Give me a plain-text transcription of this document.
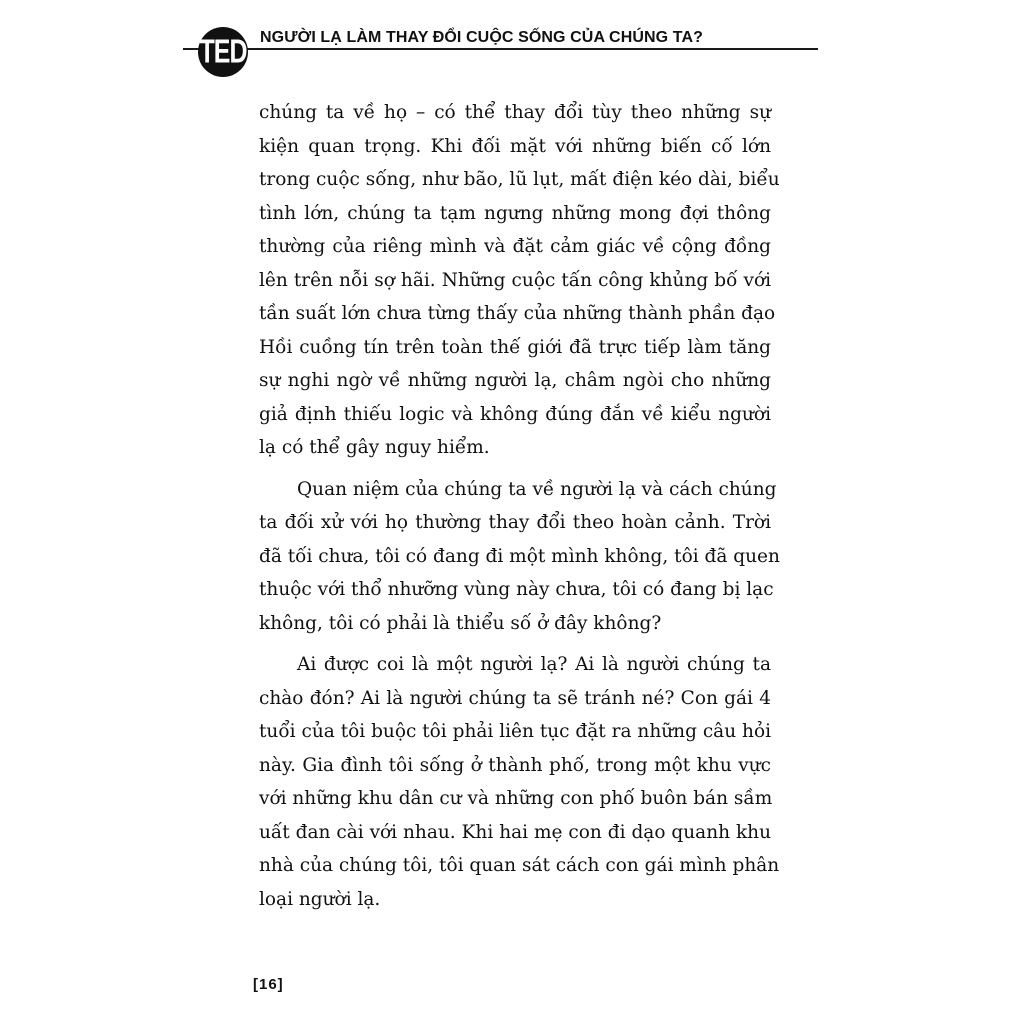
TED NGƯỜI LẠ LÀM THAY ĐỔI CUỘC SỐNG CỦA CHÚNG TA?
chúng ta về họ – có thể thay đổi tùy theo những sự
kiện quan trọng. Khi đối mặt với những biến cố lớn
trong cuộc sống, như bão, lũ lụt, mất điện kéo dài, biểu
tình lớn, chúng ta tạm ngưng những mong đợi thông
thường của riêng mình và đặt cảm giác về cộng đồng
lên trên nỗi sợ hãi. Những cuộc tấn công khủng bố với
tần suất lớn chưa từng thấy của những thành phần đạo
Hồi cuồng tín trên toàn thế giới đã trực tiếp làm tăng
sự nghi ngờ về những người lạ, châm ngòi cho những
giả định thiếu logic và không đúng đắn về kiểu người
lạ có thể gây nguy hiểm.
Quan niệm của chúng ta về người lạ và cách chúng
ta đối xử với họ thường thay đổi theo hoàn cảnh. Trời
đã tối chưa, tôi có đang đi một mình không, tôi đã quen
thuộc với thổ nhưỡng vùng này chưa, tôi có đang bị lạc
không, tôi có phải là thiểu số ở đây không?
Ai được coi là một người lạ? Ai là người chúng ta
chào đón? Ai là người chúng ta sẽ tránh né? Con gái 4
tuổi của tôi buộc tôi phải liên tục đặt ra những câu hỏi
này. Gia đình tôi sống ở thành phố, trong một khu vực
với những khu dân cư và những con phố buôn bán sầm
uất đan cài với nhau. Khi hai mẹ con đi dạo quanh khu
nhà của chúng tôi, tôi quan sát cách con gái mình phân
loại người lạ.
[16]
